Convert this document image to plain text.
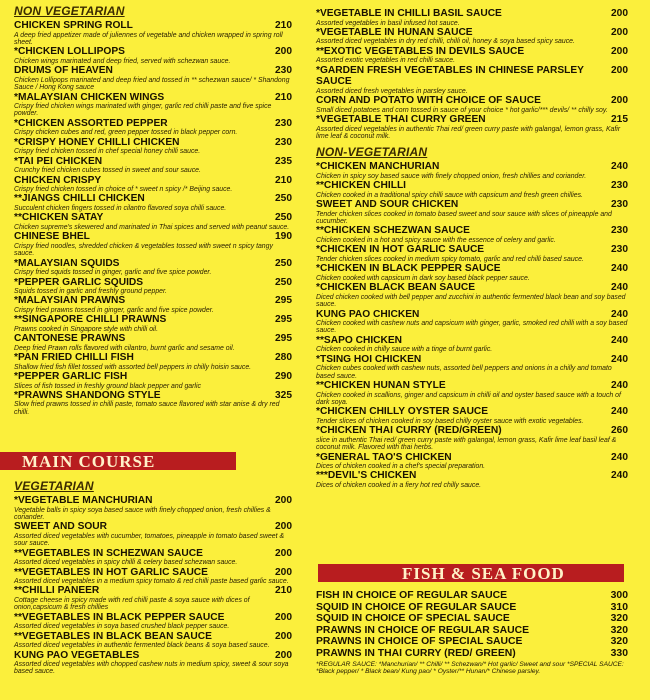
NON VEGETARIAN
CHICKEN SPRING ROLL	210
A deep fried appetizer made of juliennes of vegetable and chicken wrapped in spring roll sheet.
*CHICKEN LOLLIPOPS	200
Chicken wings marinated and deep fried, served with schezwan sauce.
DRUMS OF HEAVEN	230
Chicken Lollipops marinated and deep fried and tossed in ** schezwan sauce/ * Shandong Sauce / Hong Kong sauce
*MALAYSIAN CHICKEN WINGS	210
Crispy fried chicken wings marinated with ginger, garlic red chilli paste and five spice powder.
*CHICKEN ASSORTED PEPPER	230
Crispy chicken cubes and red, green pepper tossed in black pepper corn.
*CRISPY HONEY CHILLI CHICKEN	230
Crispy fried chicken tossed in chef special honey chilli sauce.
*TAI PEI CHICKEN	235
Crunchy fried chicken cubes tossed in sweet and sour sauce.
CHICKEN CRISPY	210
Crispy fried chicken tossed in choice of * sweet n spicy /* Beijing sauce.
**JIANGS CHILLI CHICKEN	250
Succulent chicken fingers tossed in cilantro flavored soya chilli sauce.
**CHICKEN SATAY	250
Chicken supreme's skewered and marinated in Thai spices and served with peanut sauce.
CHINESE BHEL	190
Crispy fried noodles, shredded chicken & vegetables tossed with sweet n spicy tangy sauce.
*MALAYSIAN SQUIDS	250
Crispy fried squids tossed in ginger, garlic and five spice powder.
*PEPPER GARLIC SQUIDS	250
Squids tossed in garlic and freshly ground pepper.
*MALAYSIAN PRAWNS	295
Crispy fried prawns tossed in ginger, garlic and five spice powder.
**SINGAPORE CHILLI PRAWNS	295
Prawns cooked in Singapore style with chilli oil.
CANTONESE PRAWNS	295
Deep fried Prawn rolls flavored with cilantro, burnt garlic and sesame oil.
*PAN FRIED CHILLI FISH	280
Shallow fried fish fillet tossed with assorted bell peppers in chilly hoisin sauce.
*PEPPER GARLIC FISH	290
Slices of fish tossed in freshly ground black pepper and garlic
*PRAWNS SHANDONG STYLE	325
Slow fried prawns tossed in chilli paste, tomato sauce flavored with star anise & dry red chilli.
MAIN COURSE
VEGETARIAN
*VEGETABLE MANCHURIAN	200
Vegetable balls in spicy soya based sauce with finely chopped onion, fresh chillies & coriander.
SWEET AND SOUR	200
Assorted diced vegetables with cucumber, tomatoes, pineapple in tomato based sweet & sour sauce.
**VEGETABLES IN SCHEZWAN SAUCE	200
Assorted diced vegetables in spicy chilli & celery based schezwan sauce.
**VEGETABLES IN HOT GARLIC SAUCE	200
Assorted diced vegetables in a medium spicy tomato & red chilli paste based garlic sauce.
**CHILLI PANEER	210
Cottage cheese in spicy made with red chilli paste & soya sauce with dices of onion,capsicum & fresh chillies
**VEGETABLES IN BLACK PEPPER SAUCE	200
Assorted diced vegetables in soya based crushed black pepper sauce.
**VEGETABLES IN BLACK BEAN SAUCE	200
Assorted diced vegetables in authentic fermented black beans & soya based sauce.
KUNG PAO VEGETABLES	200
Assorted diced vegetables with chopped cashew nuts in medium spicy, sweet & sour soya based sauce.
*VEGETABLE IN CHILLI BASIL SAUCE	200
Assorted vegetables in basil infused hot sauce.
*VEGETABLE IN HUNAN SAUCE	200
Assorted diced vegetables in dry red chilli, chilli oil, honey & soya based spicy sauce.
**EXOTIC VEGETABLES IN DEVILS SAUCE	200
Assorted exotic vegetables in red chilli sauce.
*GARDEN FRESH VEGETABLES IN CHINESE PARSLEY SAUCE
200
Assorted diced fresh vegetables in parsley sauce.
CORN AND POTATO WITH CHOICE OF SAUCE	200
Small diced potatoes and corn tossed in sauce of your choice * hot garlic/*** devils/ ** chilly soy.
*VEGETABLE THAI CURRY GREEN	215
Assorted diced vegetables in authentic Thai red/ green curry paste with galangal, lemon grass, Kafir lime leaf & coconut milk.
NON-VEGETARIAN
*CHICKEN MANCHURIAN	240
Chicken in spicy soy based sauce with finely chopped onion, fresh chillies and coriander.
**CHICKEN CHILLI	230
Chicken cooked in a traditional spicy chilli sauce with capsicum and fresh green chillies.
SWEET AND SOUR CHICKEN	230
Tender chicken slices cooked in tomato based sweet and sour sauce with slices of pineapple and cucumber.
**CHICKEN SCHEZWAN SAUCE	230
Chicken cooked in a hot and spicy sauce with the essence of celery and garlic.
*CHICKEN IN HOT GARLIC SAUCE	230
Tender chicken slices cooked in medium spicy tomato, garlic and red chilli based sauce.
*CHICKEN IN BLACK PEPPER SAUCE	240
Chicken cooked with capsicum in dark soy based black pepper sauce.
*CHICKEN BLACK BEAN SAUCE	240
Diced chicken cooked with bell pepper and zucchini in authentic fermented black bean and soy based sauce.
KUNG PAO CHICKEN	240
Chicken cooked with cashew nuts and capsicum with ginger, garlic, smoked red chilli with a soy based sauce.
**SAPO CHICKEN	240
Chicken cooked in chilly sauce with a tinge of burnt garlic.
*TSING HOI CHICKEN	240
Chicken cubes cooked with cashew nuts, assorted bell peppers and onions in a chilly and tomato based sauce.
**CHICKEN HUNAN STYLE	240
Chicken cooked in scallions, ginger and capsicum in chilli oil and oyster based sauce with a touch of dark soya.
*CHICKEN CHILLY OYSTER SAUCE	240
Tender slices of chicken cooked in soy based chilly oyster sauce with exotic vegetables.
*CHICKEN THAI CURRY (RED/GREEN)	260
slice in authentic Thai red/ green curry paste with galangal, lemon grass, Kafir lime leaf basil leaf & coconut milk. Flavored with thai herbs.
*GENERAL TAO'S CHICKEN	240
Dices of chicken cooked in a chef's special preparation.
***DEVIL'S CHICKEN	240
Dices of chicken cooked in a fiery hot red chilly sauce.
FISH & SEA FOOD
FISH IN CHOICE OF REGULAR SAUCE	300
SQUID IN CHOICE OF REGULAR SAUCE	310
SQUID IN CHOICE OF SPECIAL SAUCE	320
PRAWNS IN CHOICE OF REGULAR SAUCE	320
PRAWNS IN CHOICE OF SPECIAL SAUCE	320
PRAWNS IN THAI CURRY (RED/ GREEN)	330
*REGULAR SAUCE: *Manchurian/ ** Chilli/ ** Schezwan/* Hot garlic/ Sweet and sour *SPECIAL SAUCE: *Black pepper/ * Black bean/ Kung pao/ * Oyster/** Hunan/* Chinese parsley.
